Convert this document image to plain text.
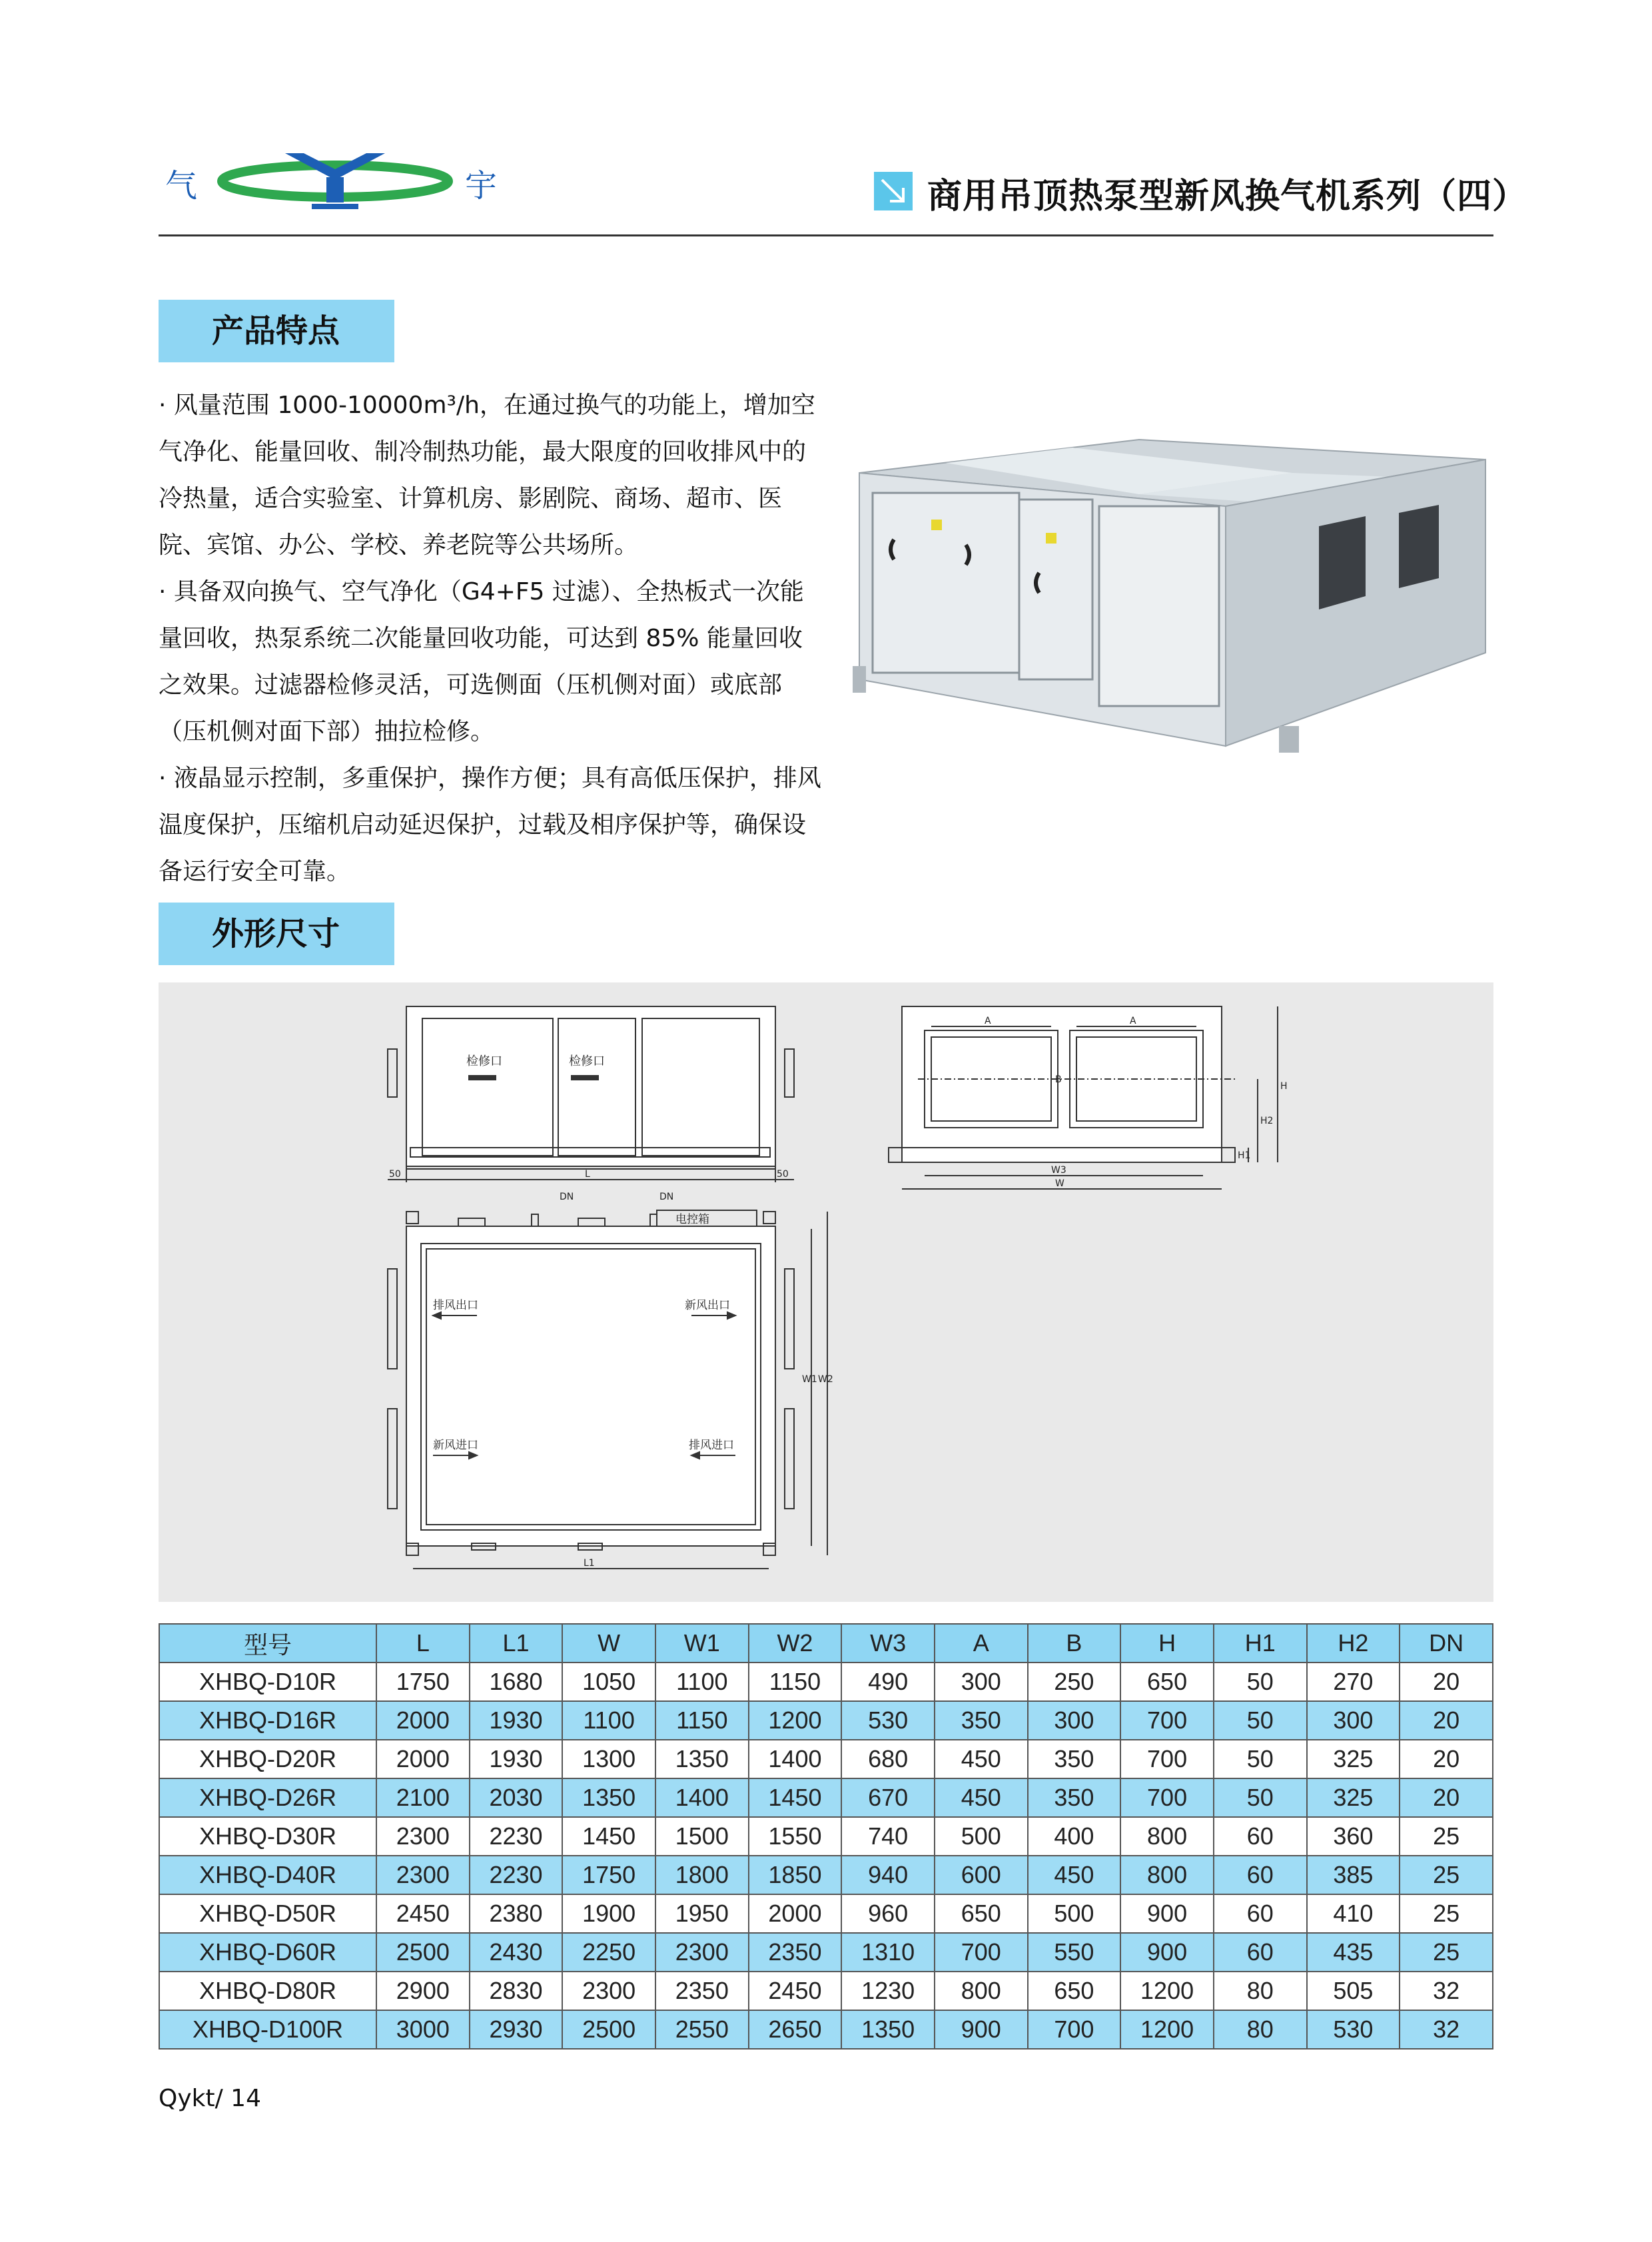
气	宇	商用吊顶热泵型新风换气机系列（四）
产品特点

· 风量范围 1000-10000m³/h，在通过换气的功能上，增加空气净化、能量回收、制冷制热功能，最大限度的回收排风中的冷热量，适合实验室、计算机房、影剧院、商场、超市、医院、宾馆、办公、学校、养老院等公共场所。

· 具备双向换气、空气净化（G4+F5 过滤）、全热板式一次能量回收，热泵系统二次能量回收功能，可达到 85% 能量回收之效果。过滤器检修灵活，可选侧面（压机侧对面）或底部（压机侧对面下部）抽拉检修。

· 液晶显示控制，多重保护，操作方便；具有高低压保护，排风温度保护，压缩机启动延迟保护，过载及相序保护等，确保设备运行安全可靠。

外形尺寸
检修口	检修口
50	L	50
A	A
B
W3
W
H
H2
H1
DN	DN
电控箱
排风出口	新风出口
新风进口	排风进口
W1 W2
L1
型号	L	L1	W	W1	W2	W3	A	B	H	H1	H2	DN
XHBQ-D10R	1750	1680	1050	1100	1150	490	300	250	650	50	270	20
XHBQ-D16R	2000	1930	1100	1150	1200	530	350	300	700	50	300	20
XHBQ-D20R	2000	1930	1300	1350	1400	680	450	350	700	50	325	20
XHBQ-D26R	2100	2030	1350	1400	1450	670	450	350	700	50	325	20
XHBQ-D30R	2300	2230	1450	1500	1550	740	500	400	800	60	360	25
XHBQ-D40R	2300	2230	1750	1800	1850	940	600	450	800	60	385	25
XHBQ-D50R	2450	2380	1900	1950	2000	960	650	500	900	60	410	25
XHBQ-D60R	2500	2430	2250	2300	2350	1310	700	550	900	60	435	25
XHBQ-D80R	2900	2830	2300	2350	2450	1230	800	650	1200	80	505	32
XHBQ-D100R	3000	2930	2500	2550	2650	1350	900	700	1200	80	530	32
Qykt/ 14
